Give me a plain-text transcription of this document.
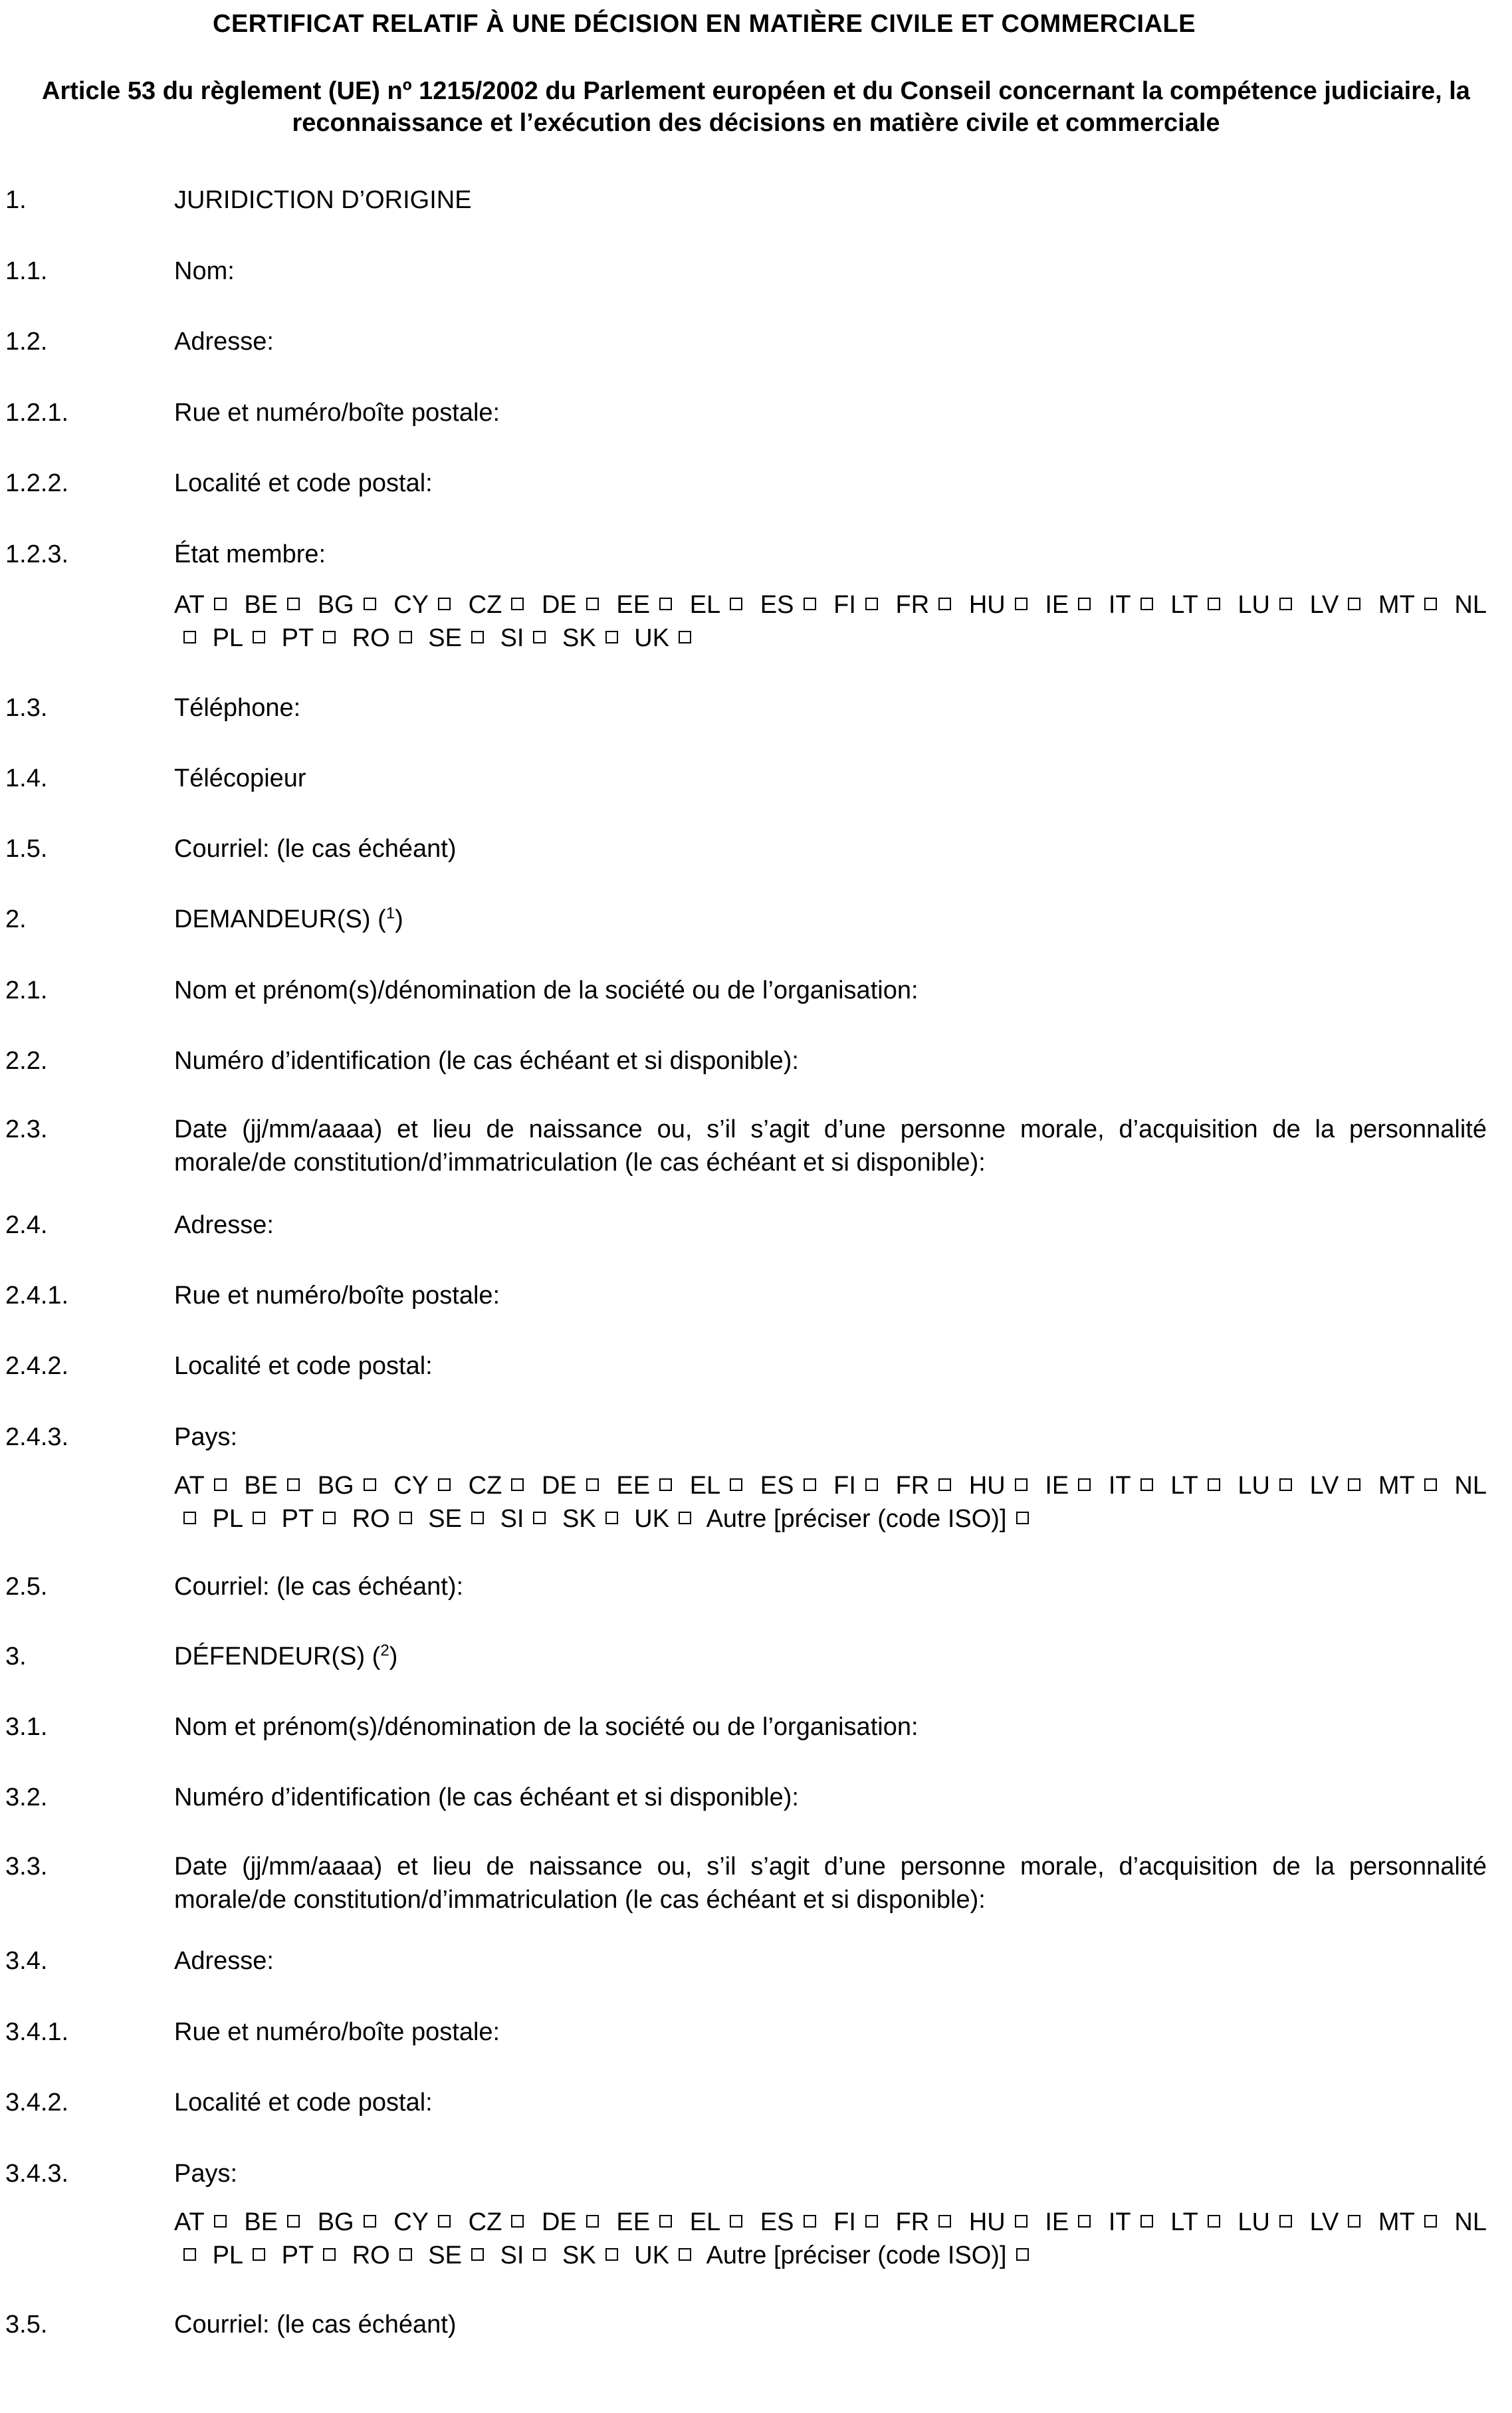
CERTIFICAT RELATIF À UNE DÉCISION EN MATIÈRE CIVILE ET COMMERCIALE
Article 53 du règlement (UE) nº 1215/2002 du Parlement européen et du Conseil concernant la compétence judiciaire, la reconnaissance et l’exécution des décisions en matière civile et commerciale
1.	JURIDICTION D’ORIGINE
1.1.	Nom:
1.2.	Adresse:
1.2.1.	Rue et numéro/boîte postale:
1.2.2.	Localité et code postal:
1.2.3.	État membre:
AT BE BG CY CZ DE EE EL ES FI FR HU IE IT LT LU LV MT NL PL PT RO SE SI SK UK
1.3.	Téléphone:
1.4.	Télécopieur
1.5.	Courriel: (le cas échéant)
2.	DEMANDEUR(S) ($^1$)
2.1.	Nom et prénom(s)/dénomination de la société ou de l’organisation:
2.2.	Numéro d’identification (le cas échéant et si disponible):
2.3.	Date (jj/mm/aaaa) et lieu de naissance ou, s’il s’agit d’une personne morale, d’acquisition de la personnalité morale/de constitution/d’immatriculation (le cas échéant et si disponible):
2.4.	Adresse:
2.4.1.	Rue et numéro/boîte postale:
2.4.2.	Localité et code postal:
2.4.3.	Pays:
AT BE BG CY CZ DE EE EL ES FI FR HU IE IT LT LU LV MT NL PL PT RO SE SI SK UK Autre [préciser (code ISO)]
2.5.	Courriel: (le cas échéant):
3.	DÉFENDEUR(S) ($^2$)
3.1.	Nom et prénom(s)/dénomination de la société ou de l’organisation:
3.2.	Numéro d’identification (le cas échéant et si disponible):
3.3.	Date (jj/mm/aaaa) et lieu de naissance ou, s’il s’agit d’une personne morale, d’acquisition de la personnalité morale/de constitution/d’immatriculation (le cas échéant et si disponible):
3.4.	Adresse:
3.4.1.	Rue et numéro/boîte postale:
3.4.2.	Localité et code postal:
3.4.3.	Pays:
AT BE BG CY CZ DE EE EL ES FI FR HU IE IT LT LU LV MT NL PL PT RO SE SI SK UK Autre [préciser (code ISO)]
3.5.	Courriel: (le cas échéant)
